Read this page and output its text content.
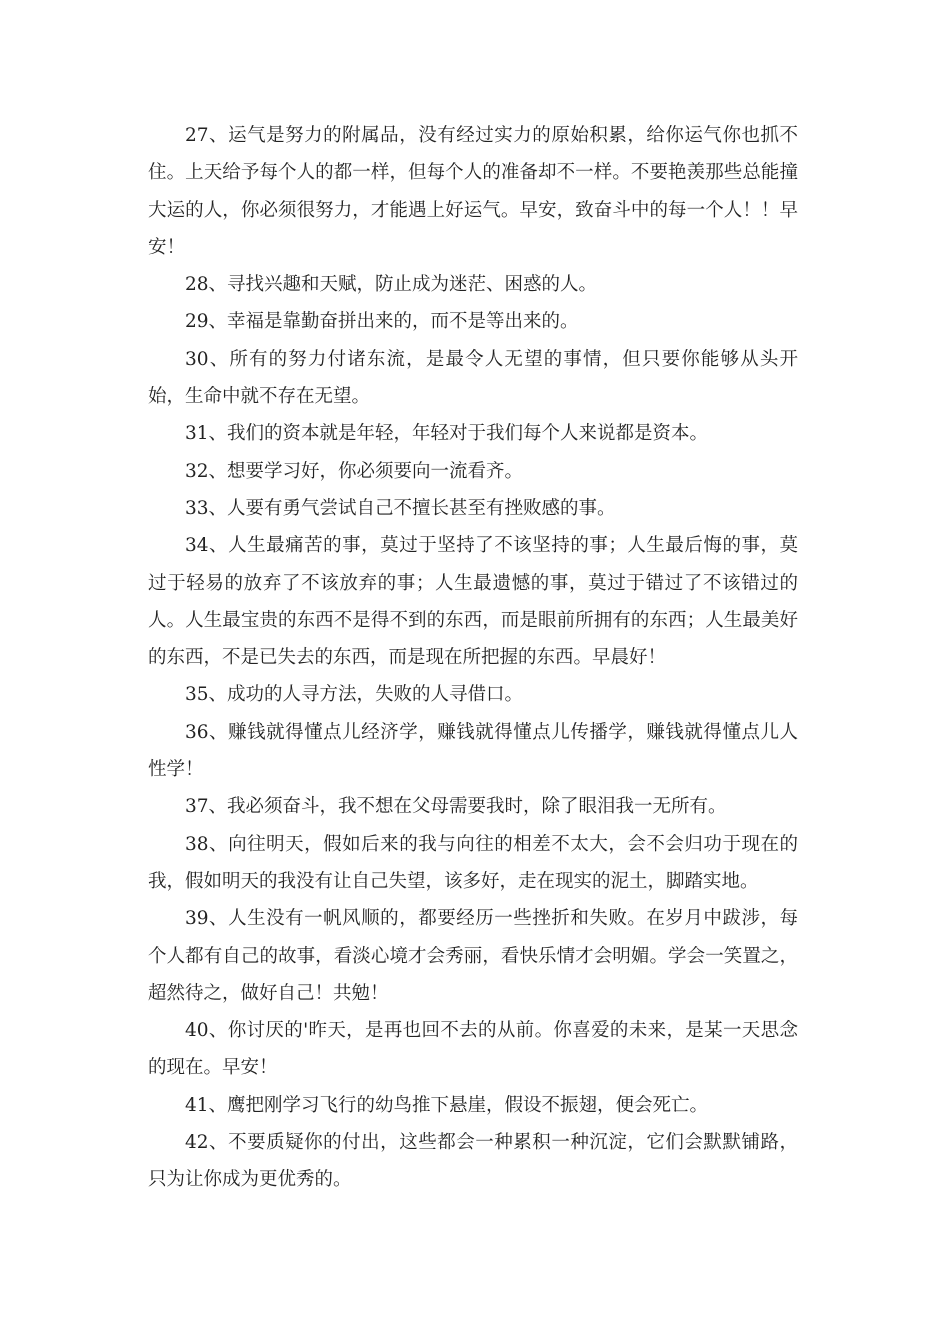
27、运气是努力的附属品，没有经过实力的原始积累，给你运气你也抓不住。上天给予每个人的都一样，但每个人的准备却不一样。不要艳羡那些总能撞大运的人，你必须很努力，才能遇上好运气。早安，致奋斗中的每一个人！！早安！

28、寻找兴趣和天赋，防止成为迷茫、困惑的人。

29、幸福是靠勤奋拼出来的，而不是等出来的。

30、所有的努力付诸东流，是最令人无望的事情，但只要你能够从头开始，生命中就不存在无望。

31、我们的资本就是年轻，年轻对于我们每个人来说都是资本。

32、想要学习好，你必须要向一流看齐。

33、人要有勇气尝试自己不擅长甚至有挫败感的事。

34、人生最痛苦的事，莫过于坚持了不该坚持的事；人生最后悔的事，莫过于轻易的放弃了不该放弃的事；人生最遗憾的事，莫过于错过了不该错过的人。人生最宝贵的东西不是得不到的东西，而是眼前所拥有的东西；人生最美好的东西，不是已失去的东西，而是现在所把握的东西。早晨好！

35、成功的人寻方法，失败的人寻借口。

36、赚钱就得懂点儿经济学，赚钱就得懂点儿传播学，赚钱就得懂点儿人性学！

37、我必须奋斗，我不想在父母需要我时，除了眼泪我一无所有。

38、向往明天，假如后来的我与向往的相差不太大，会不会归功于现在的我，假如明天的我没有让自己失望，该多好，走在现实的泥土，脚踏实地。

39、人生没有一帆风顺的，都要经历一些挫折和失败。在岁月中跋涉，每个人都有自己的故事，看淡心境才会秀丽，看快乐情才会明媚。学会一笑置之，超然待之，做好自己！共勉！

40、你讨厌的'昨天，是再也回不去的从前。你喜爱的未来，是某一天思念的现在。早安！

41、鹰把刚学习飞行的幼鸟推下悬崖，假设不振翅，便会死亡。

42、不要质疑你的付出，这些都会一种累积一种沉淀，它们会默默铺路，只为让你成为更优秀的。
